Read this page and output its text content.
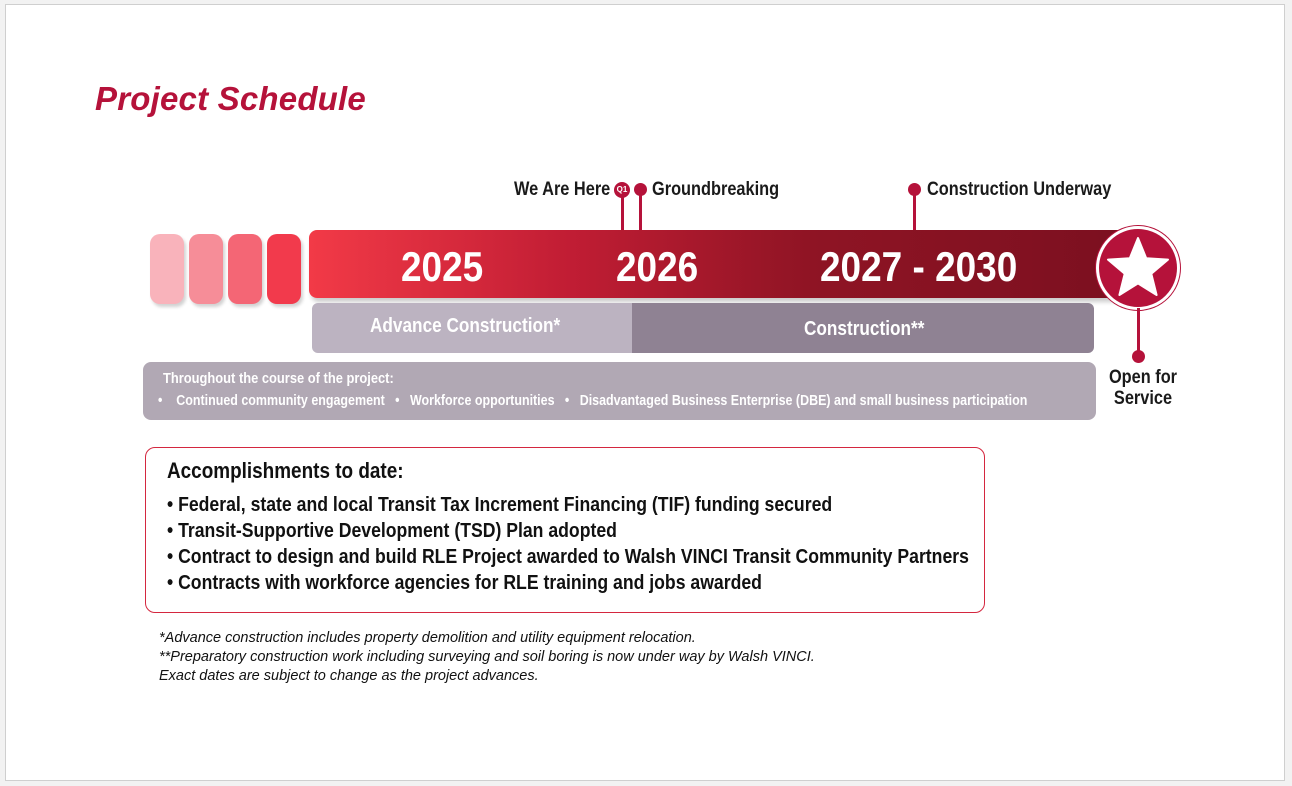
Project Schedule
We Are Here Q1 Groundbreaking	Construction Underway
2025	2026	2027 - 2030
Open for
Service
Advance Construction*	Construction**
Throughout the course of the project:
• Continued community engagement • Workforce opportunities • Disadvantaged Business Enterprise (DBE) and small business participation
Accomplishments to date:
• Federal, state and local Transit Tax Increment Financing (TIF) funding secured
• Transit-Supportive Development (TSD) Plan adopted
• Contract to design and build RLE Project awarded to Walsh VINCI Transit Community Partners
• Contracts with workforce agencies for RLE training and jobs awarded
*Advance construction includes property demolition and utility equipment relocation.
**Preparatory construction work including surveying and soil boring is now under way by Walsh VINCI.
Exact dates are subject to change as the project advances.
